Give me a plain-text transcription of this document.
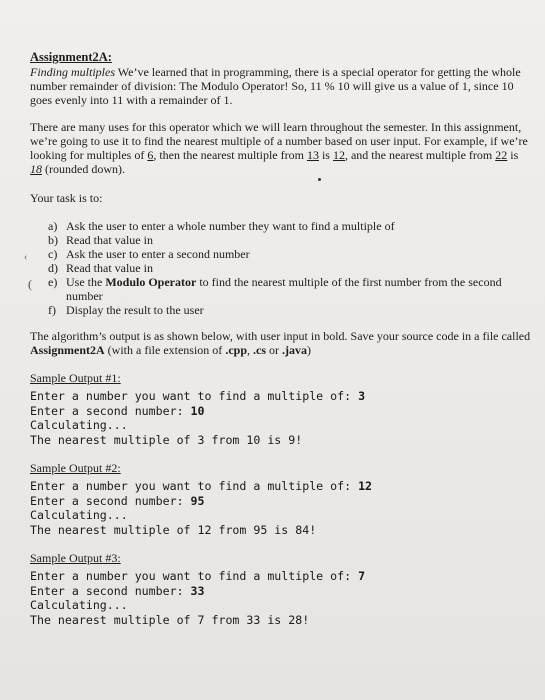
‹
(

Assignment2A:

Finding multiples We’ve learned that in programming, there is a special operator for getting the whole number remainder of division: The Modulo Operator! So, 11 % 10 will give us a value of 1, since 10 goes evenly into 11 with a remainder of 1.

There are many uses for this operator which we will learn throughout the semester. In this assignment, we’re going to use it to find the nearest multiple of a number based on user input. For example, if we’re looking for multiples of 6, then the nearest multiple from 13 is 12, and the nearest multiple from 22 is 18 (rounded down).

Your task is to:

a) Ask the user to enter a whole number they want to find a multiple of
b) Read that value in
c) Ask the user to enter a second number
d) Read that value in
e) Use the Modulo Operator to find the nearest multiple of the first number from the second number
f) Display the result to the user

The algorithm’s output is as shown below, with user input in bold. Save your source code in a file called Assignment2A (with a file extension of .cpp, .cs or .java)

Sample Output #1:
Enter a number you want to find a multiple of: 3
Enter a second number: 10
Calculating...
The nearest multiple of 3 from 10 is 9!
Sample Output #2:
Enter a number you want to find a multiple of: 12
Enter a second number: 95
Calculating...
The nearest multiple of 12 from 95 is 84!
Sample Output #3:
Enter a number you want to find a multiple of: 7
Enter a second number: 33
Calculating...
The nearest multiple of 7 from 33 is 28!
